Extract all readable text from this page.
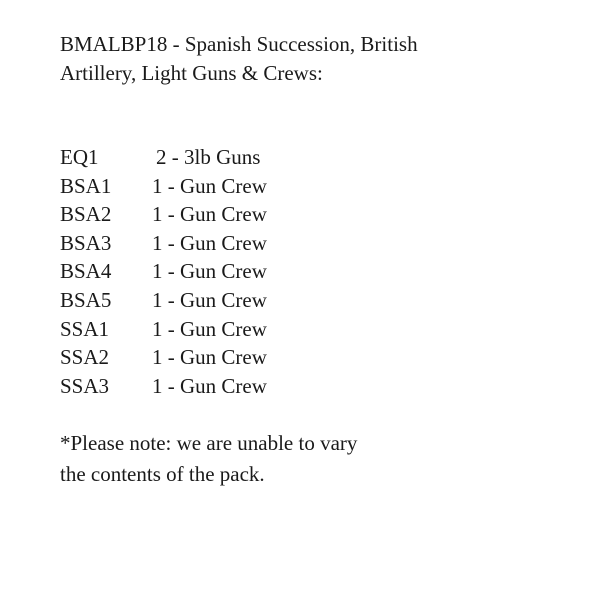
BMALBP18 - Spanish Succession, British
Artillery, Light Guns & Crews:
EQ1	2 - 3lb Guns
BSA1 1 - Gun Crew
BSA2 1 - Gun Crew
BSA3 1 - Gun Crew
BSA4 1 - Gun Crew
BSA5 1 - Gun Crew
SSA1 1 - Gun Crew
SSA2 1 - Gun Crew
SSA3 1 - Gun Crew
*Please note: we are unable to vary
the contents of the pack.
